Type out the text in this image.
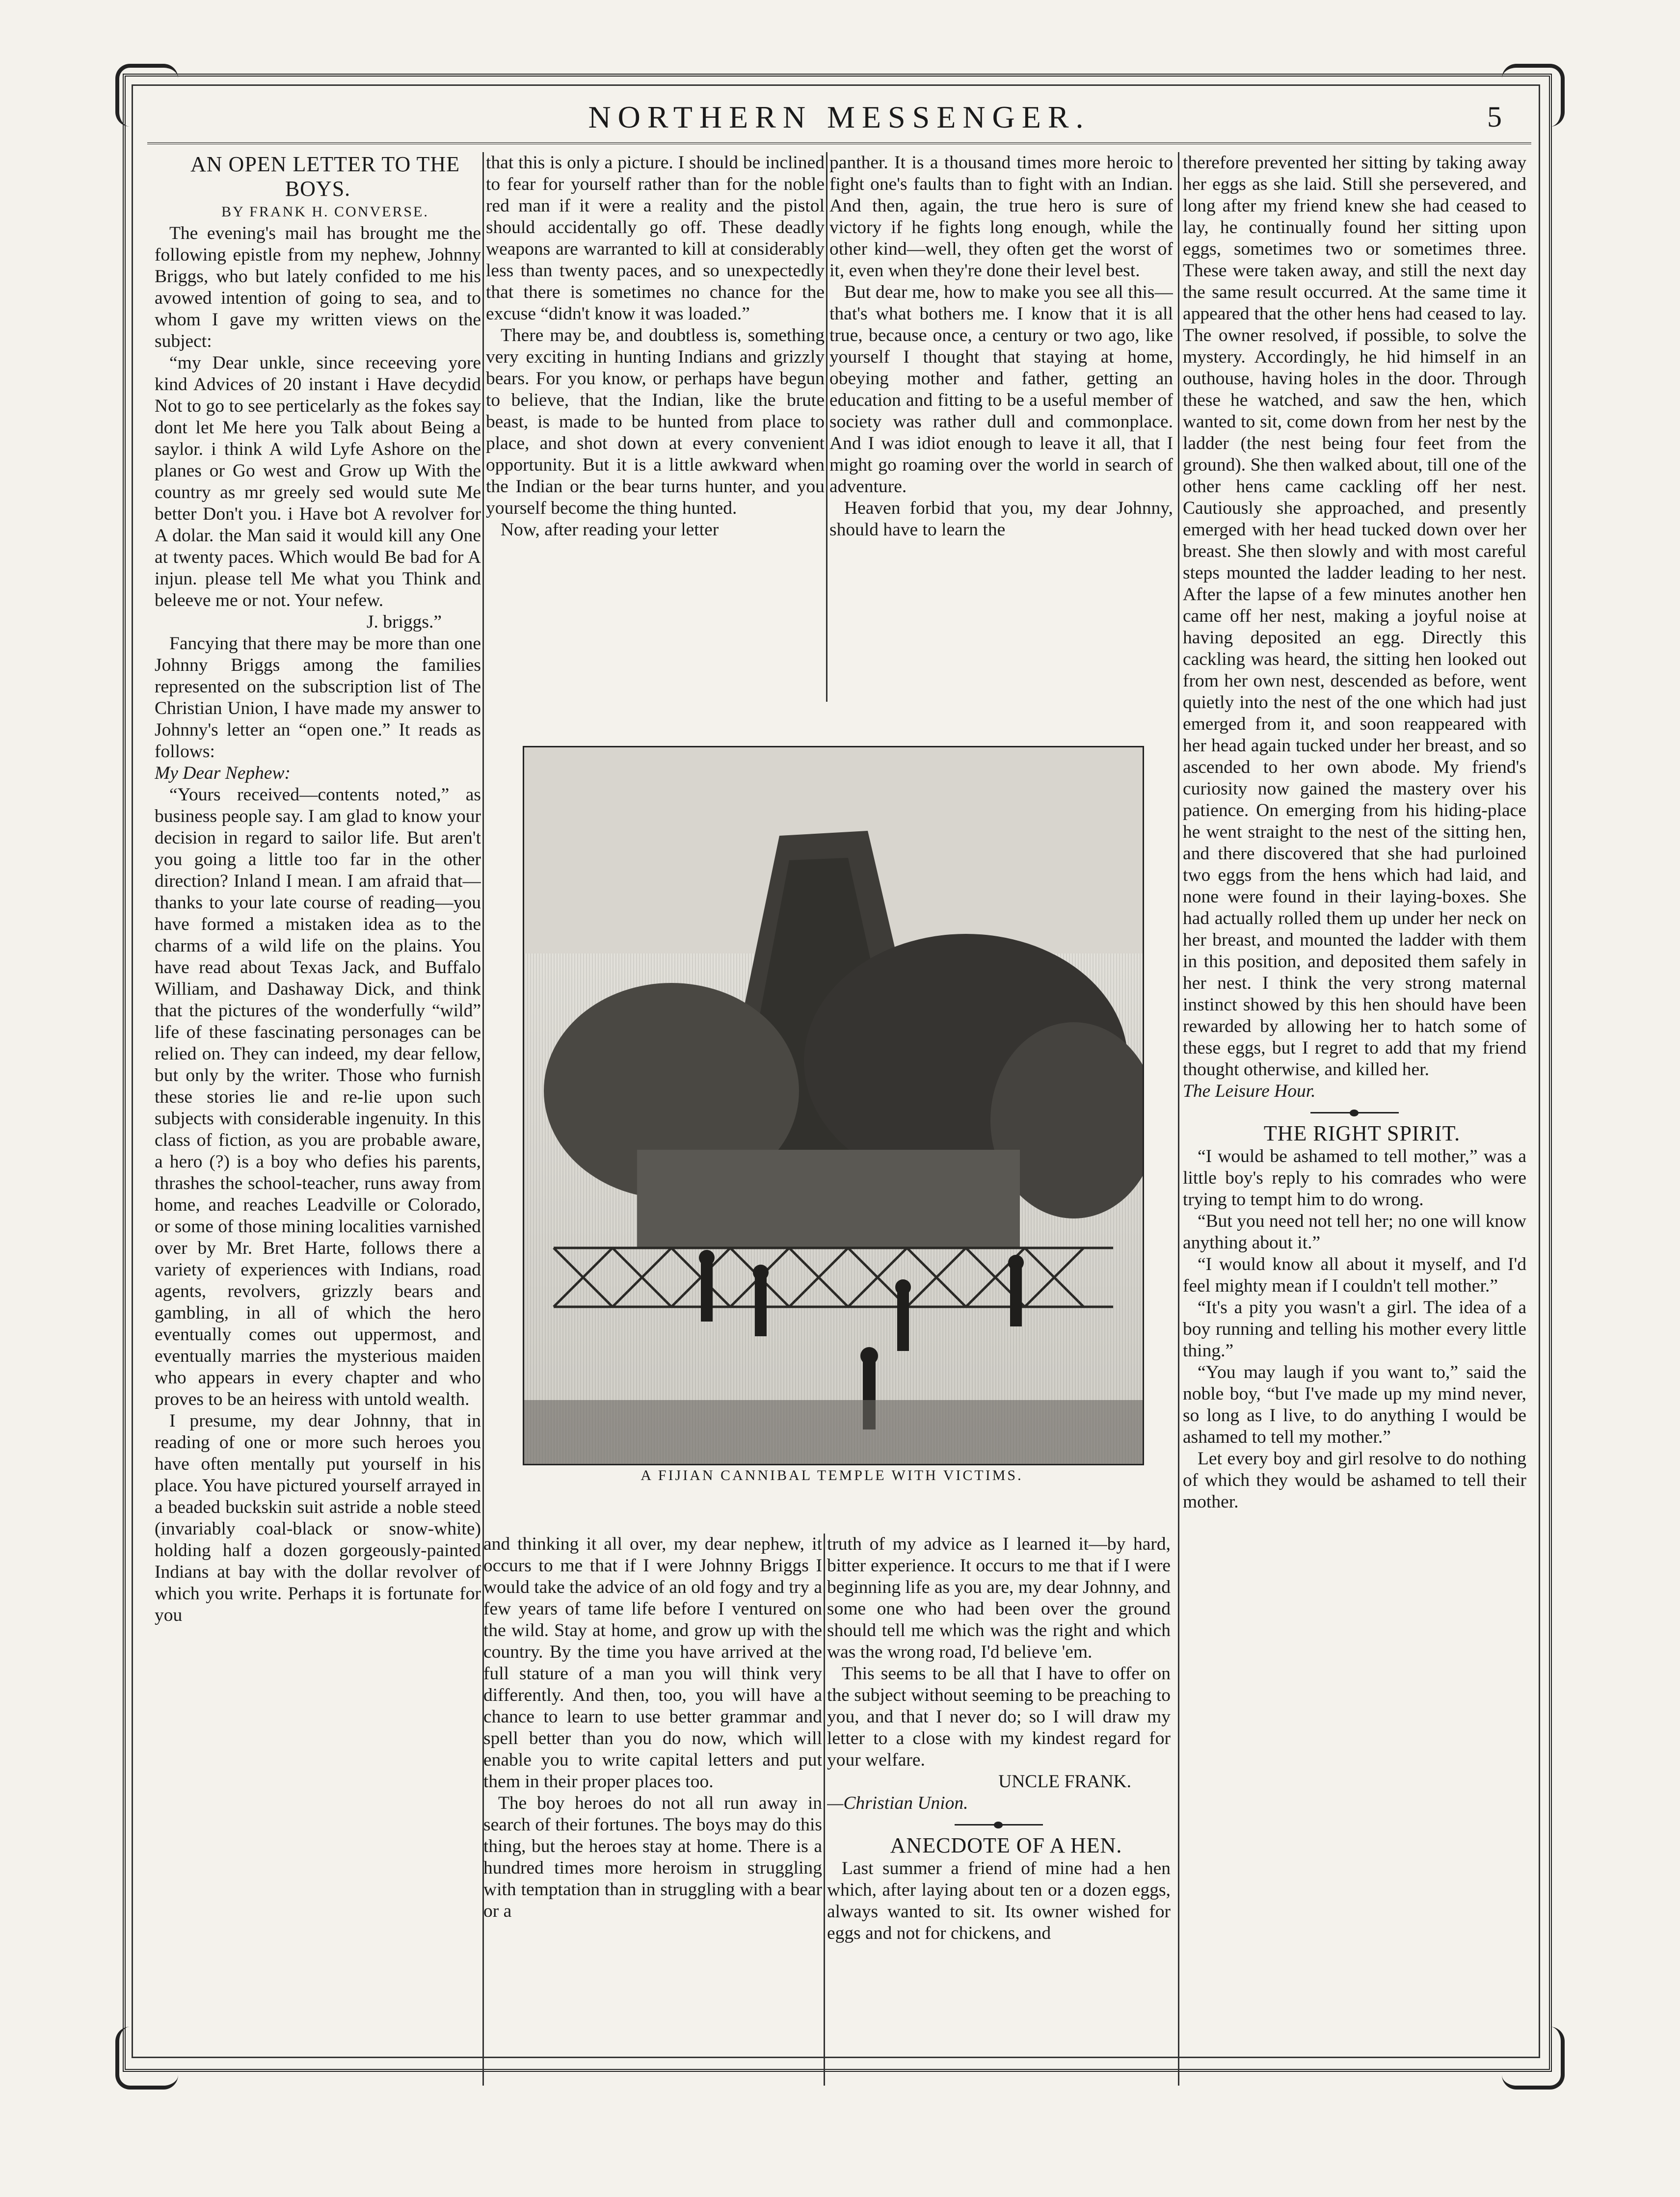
NORTHERN MESSENGER.	5

AN OPEN LETTER TO THE BOYS.

BY FRANK H. CONVERSE.

The evening's mail has brought me the following epistle from my nephew, Johnny Briggs, who but lately confided to me his avowed intention of going to sea, and to whom I gave my written views on the subject:

“my Dear unkle, since receeving yore kind Advices of 20 instant i Have decydid Not to go to see perticelarly as the fokes say dont let Me here you Talk about Being a saylor. i think A wild Lyfe Ashore on the planes or Go west and Grow up With the country as mr greely sed would sute Me better Don't you. i Have bot A revolver for A dolar. the Man said it would kill any One at twenty paces. Which would Be bad for A injun. please tell Me what you Think and beleeve me or not. Your nefew.

J. briggs.”

Fancying that there may be more than one Johnny Briggs among the families represented on the subscription list of The Christian Union, I have made my answer to Johnny's letter an “open one.” It reads as follows:

My Dear Nephew:

“Yours received—contents noted,” as business people say. I am glad to know your decision in regard to sailor life. But aren't you going a little too far in the other direction? Inland I mean. I am afraid that—thanks to your late course of reading—you have formed a mistaken idea as to the charms of a wild life on the plains. You have read about Texas Jack, and Buffalo William, and Dashaway Dick, and think that the pictures of the wonderfully “wild” life of these fascinating personages can be relied on. They can indeed, my dear fellow, but only by the writer. Those who furnish these stories lie and re-lie upon such subjects with considerable ingenuity. In this class of fiction, as you are probable aware, a hero (?) is a boy who defies his parents, thrashes the school-teacher, runs away from home, and reaches Leadville or Colorado, or some of those mining localities varnished over by Mr. Bret Harte, follows there a variety of experiences with Indians, road agents, revolvers, grizzly bears and gambling, in all of which the hero eventually comes out uppermost, and eventually marries the mysterious maiden who appears in every chapter and who proves to be an heiress with untold wealth.

I presume, my dear Johnny, that in reading of one or more such heroes you have often mentally put yourself in his place. You have pictured yourself arrayed in a beaded buckskin suit astride a noble steed (invariably coal-black or snow-white) holding half a dozen gorgeously-painted Indians at bay with the dollar revolver of which you write. Perhaps it is fortunate for you

that this is only a picture. I should be inclined to fear for yourself rather than for the noble red man if it were a reality and the pistol should accidentally go off. These deadly weapons are warranted to kill at considerably less than twenty paces, and so unexpectedly that there is sometimes no chance for the excuse “didn't know it was loaded.”

There may be, and doubtless is, something very exciting in hunting Indians and grizzly bears. For you know, or perhaps have begun to believe, that the Indian, like the brute beast, is made to be hunted from place to place, and shot down at every convenient opportunity. But it is a little awkward when the Indian or the bear turns hunter, and you yourself become the thing hunted.

Now, after reading your letter

panther. It is a thousand times more heroic to fight one's faults than to fight with an Indian. And then, again, the true hero is sure of victory if he fights long enough, while the other kind—well, they often get the worst of it, even when they're done their level best.

But dear me, how to make you see all this—that's what bothers me. I know that it is all true, because once, a century or two ago, like yourself I thought that staying at home, obeying mother and father, getting an education and fitting to be a useful member of society was rather dull and commonplace. And I was idiot enough to leave it all, that I might go roaming over the world in search of adventure.

Heaven forbid that you, my dear Johnny, should have to learn the

A FIJIAN CANNIBAL TEMPLE WITH VICTIMS.

and thinking it all over, my dear nephew, it occurs to me that if I were Johnny Briggs I would take the advice of an old fogy and try a few years of tame life before I ventured on the wild. Stay at home, and grow up with the country. By the time you have arrived at the full stature of a man you will think very differently. And then, too, you will have a chance to learn to use better grammar and spell better than you do now, which will enable you to write capital letters and put them in their proper places too.

The boy heroes do not all run away in search of their fortunes. The boys may do this thing, but the heroes stay at home. There is a hundred times more heroism in struggling with temptation than in struggling with a bear or a

truth of my advice as I learned it—by hard, bitter experience. It occurs to me that if I were beginning life as you are, my dear Johnny, and some one who had been over the ground should tell me which was the right and which was the wrong road, I'd believe 'em.

This seems to be all that I have to offer on the subject without seeming to be preaching to you, and that I never do; so I will draw my letter to a close with my kindest regard for your welfare.

UNCLE FRANK.

—Christian Union.

ANECDOTE OF A HEN.

Last summer a friend of mine had a hen which, after laying about ten or a dozen eggs, always wanted to sit. Its owner wished for eggs and not for chickens, and

therefore prevented her sitting by taking away her eggs as she laid. Still she persevered, and long after my friend knew she had ceased to lay, he continually found her sitting upon eggs, sometimes two or sometimes three. These were taken away, and still the next day the same result occurred. At the same time it appeared that the other hens had ceased to lay. The owner resolved, if possible, to solve the mystery. Accordingly, he hid himself in an outhouse, having holes in the door. Through these he watched, and saw the hen, which wanted to sit, come down from her nest by the ladder (the nest being four feet from the ground). She then walked about, till one of the other hens came cackling off her nest. Cautiously she approached, and presently emerged with her head tucked down over her breast. She then slowly and with most careful steps mounted the ladder leading to her nest. After the lapse of a few minutes another hen came off her nest, making a joyful noise at having deposited an egg. Directly this cackling was heard, the sitting hen looked out from her own nest, descended as before, went quietly into the nest of the one which had just emerged from it, and soon reappeared with her head again tucked under her breast, and so ascended to her own abode. My friend's curiosity now gained the mastery over his patience. On emerging from his hiding-place he went straight to the nest of the sitting hen, and there discovered that she had purloined two eggs from the hens which had laid, and none were found in their laying-boxes. She had actually rolled them up under her neck on her breast, and mounted the ladder with them in this position, and deposited them safely in her nest. I think the very strong maternal instinct showed by this hen should have been rewarded by allowing her to hatch some of these eggs, but I regret to add that my friend thought otherwise, and killed her.

The Leisure Hour.

THE RIGHT SPIRIT.

“I would be ashamed to tell mother,” was a little boy's reply to his comrades who were trying to tempt him to do wrong.

“But you need not tell her; no one will know anything about it.”

“I would know all about it myself, and I'd feel mighty mean if I couldn't tell mother.”

“It's a pity you wasn't a girl. The idea of a boy running and telling his mother every little thing.”

“You may laugh if you want to,” said the noble boy, “but I've made up my mind never, so long as I live, to do anything I would be ashamed to tell my mother.”

Let every boy and girl resolve to do nothing of which they would be ashamed to tell their mother.
